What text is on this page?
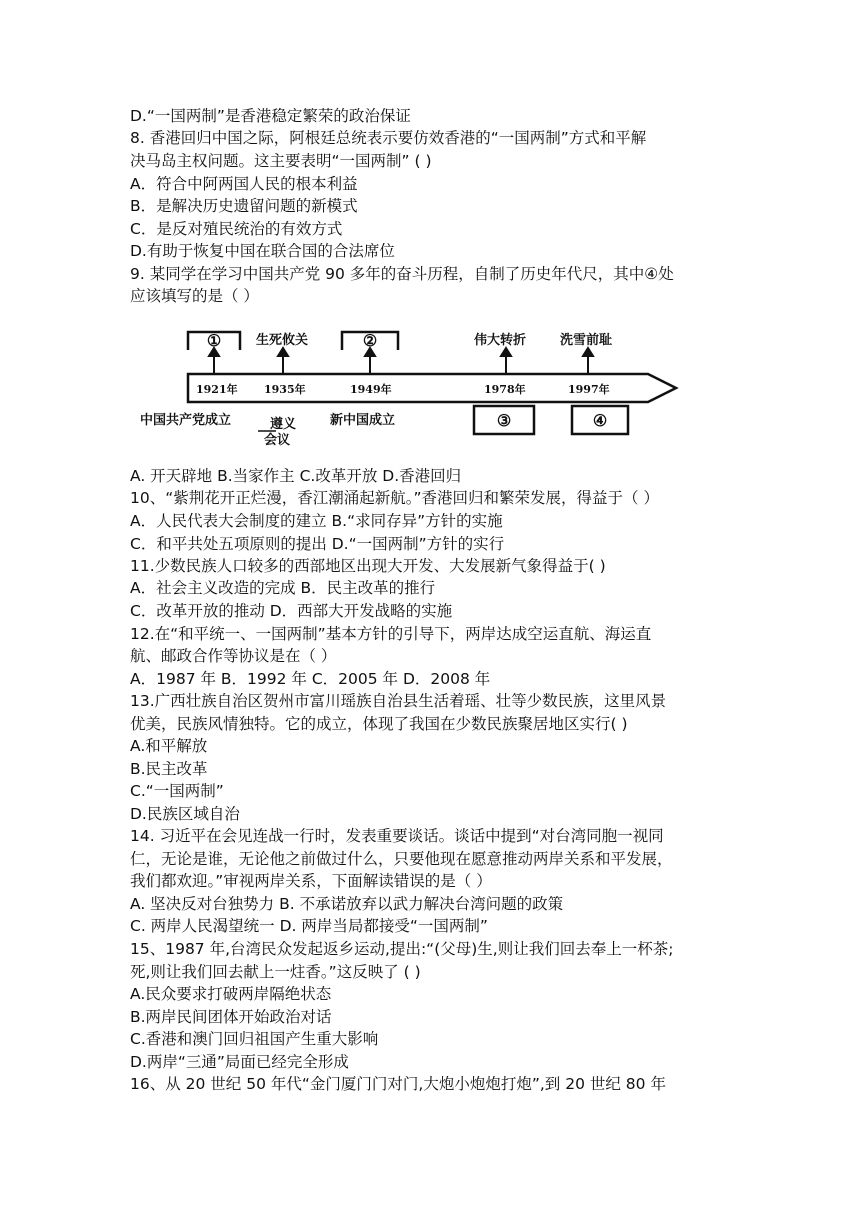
D.“一国两制”是香港稳定繁荣的政治保证
8. 香港回归中国之际，阿根廷总统表示要仿效香港的“一国两制”方式和平解
决马岛主权问题。这主要表明“一国两制” ( )
A．符合中阿两国人民的根本利益
B．是解决历史遗留问题的新模式
C．是反对殖民统治的有效方式
D.有助于恢复中国在联合国的合法席位
9. 某同学在学习中国共产党 90 多年的奋斗历程，自制了历史年代尺，其中④处
应该填写的是（ ）
①	②
生死攸关	伟大转折	洗雪前耻
1921年 1935年	1949年	1978年	1997年
中国共产党成立	遵义
会议
新中国成立	③	④
A. 开天辟地 B.当家作主 C.改革开放 D.香港回归
10、“紫荆花开正烂漫，香江潮涌起新航。”香港回归和繁荣发展，得益于（ ）
A．人民代表大会制度的建立 B.“求同存异”方针的实施
C．和平共处五项原则的提出 D.“一国两制”方针的实行
11.少数民族人口较多的西部地区出现大开发、大发展新气象得益于( )
A．社会主义改造的完成 B．民主改革的推行
C．改革开放的推动 D．西部大开发战略的实施
12.在“和平统一、一国两制”基本方针的引导下，两岸达成空运直航、海运直
航、邮政合作等协议是在（ ）
A．1987 年 B．1992 年 C．2005 年 D．2008 年
13.广西壮族自治区贺州市富川瑶族自治县生活着瑶、壮等少数民族，这里风景
优美，民族风情独特。它的成立，体现了我国在少数民族聚居地区实行( )
A.和平解放
B.民主改革
C.“一国两制”
D.民族区域自治
14. 习近平在会见连战一行时，发表重要谈话。谈话中提到“对台湾同胞一视同
仁，无论是谁，无论他之前做过什么，只要他现在愿意推动两岸关系和平发展，
我们都欢迎。”审视两岸关系，下面解读错误的是（ ）
A. 坚决反对台独势力 B. 不承诺放弃以武力解决台湾问题的政策
C. 两岸人民渴望统一 D. 两岸当局都接受“一国两制”
15、1987 年,台湾民众发起返乡运动,提出:“(父母)生,则让我们回去奉上一杯茶;
死,则让我们回去献上一炷香。”这反映了 ( )
A.民众要求打破两岸隔绝状态
B.两岸民间团体开始政治对话
C.香港和澳门回归祖国产生重大影响
D.两岸“三通”局面已经完全形成
16、从 20 世纪 50 年代“金门厦门门对门,大炮小炮炮打炮”,到 20 世纪 80 年
